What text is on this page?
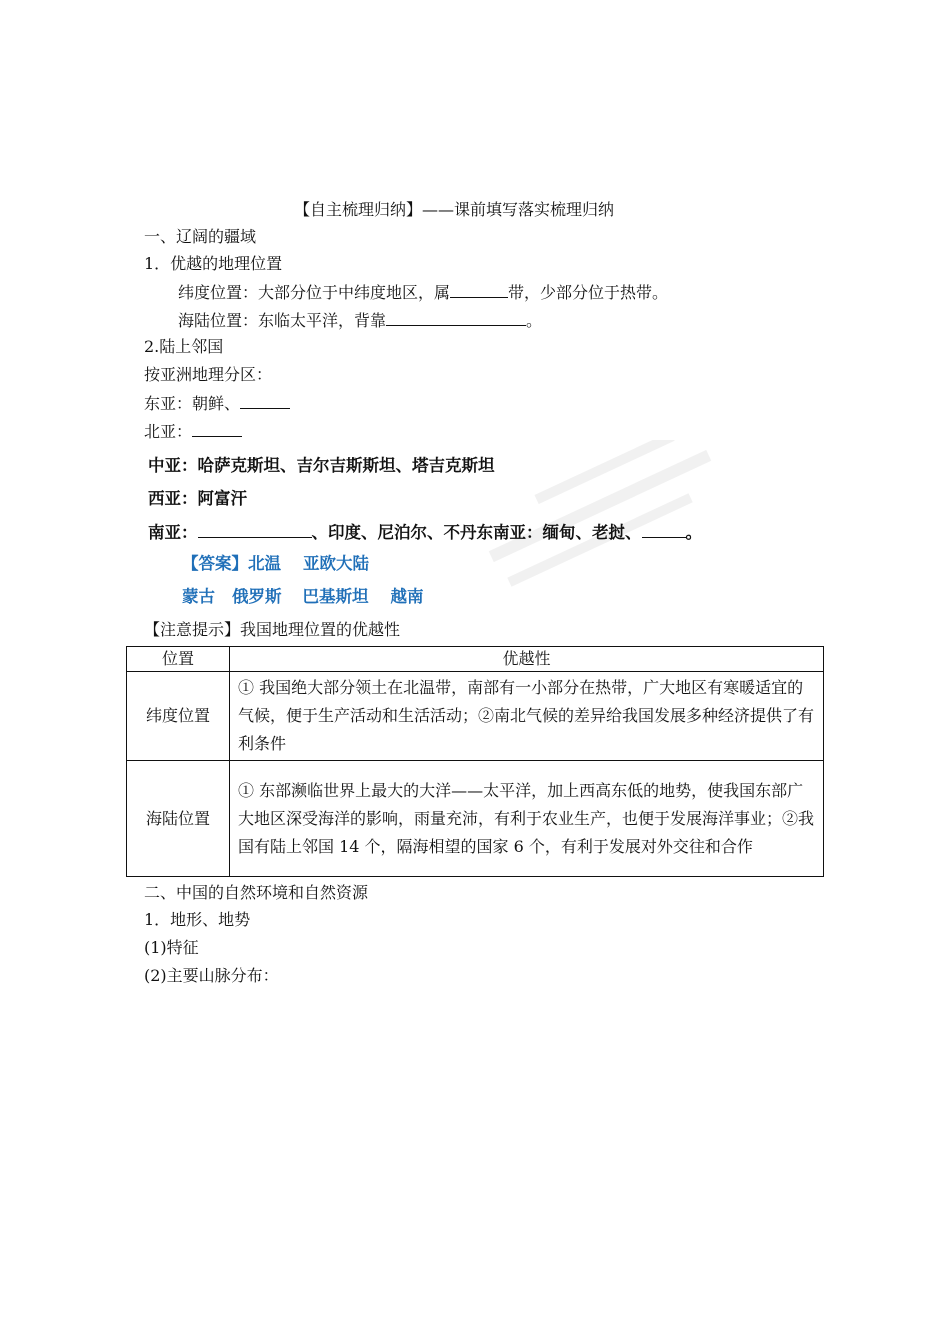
【自主梳理归纳】——课前填写落实梳理归纳
一、辽阔的疆域
1．优越的地理位置
纬度位置：大部分位于中纬度地区，属	带，少部分位于热带。
海陆位置：东临太平洋，背靠	。
2.陆上邻国
按亚洲地理分区：
东亚：朝鲜、
北亚：
中亚：哈萨克斯坦、吉尔吉斯斯坦、塔吉克斯坦
西亚：阿富汗
南亚：	、印度、尼泊尔、不丹东南亚：缅甸、老挝、	。
【答案】北温 亚欧大陆
蒙古 俄罗斯 巴基斯坦 越南
【注意提示】我国地理位置的优越性
位置	优越性
纬度位置	① 我国绝大部分领土在北温带，南部有一小部分在热带，广大地区有寒暖适宜的气候，便于生产活动和生活活动；②南北气候的差异给我国发展多种经济提供了有利条件
海陆位置	① 东部濒临世界上最大的大洋——太平洋，加上西高东低的地势，使我国东部广大地区深受海洋的影响，雨量充沛，有利于农业生产，也便于发展海洋事业；②我国有陆上邻国 14 个，隔海相望的国家 6 个，有利于发展对外交往和合作
二、中国的自然环境和自然资源
1．地形、地势
(1)特征
(2)主要山脉分布：
